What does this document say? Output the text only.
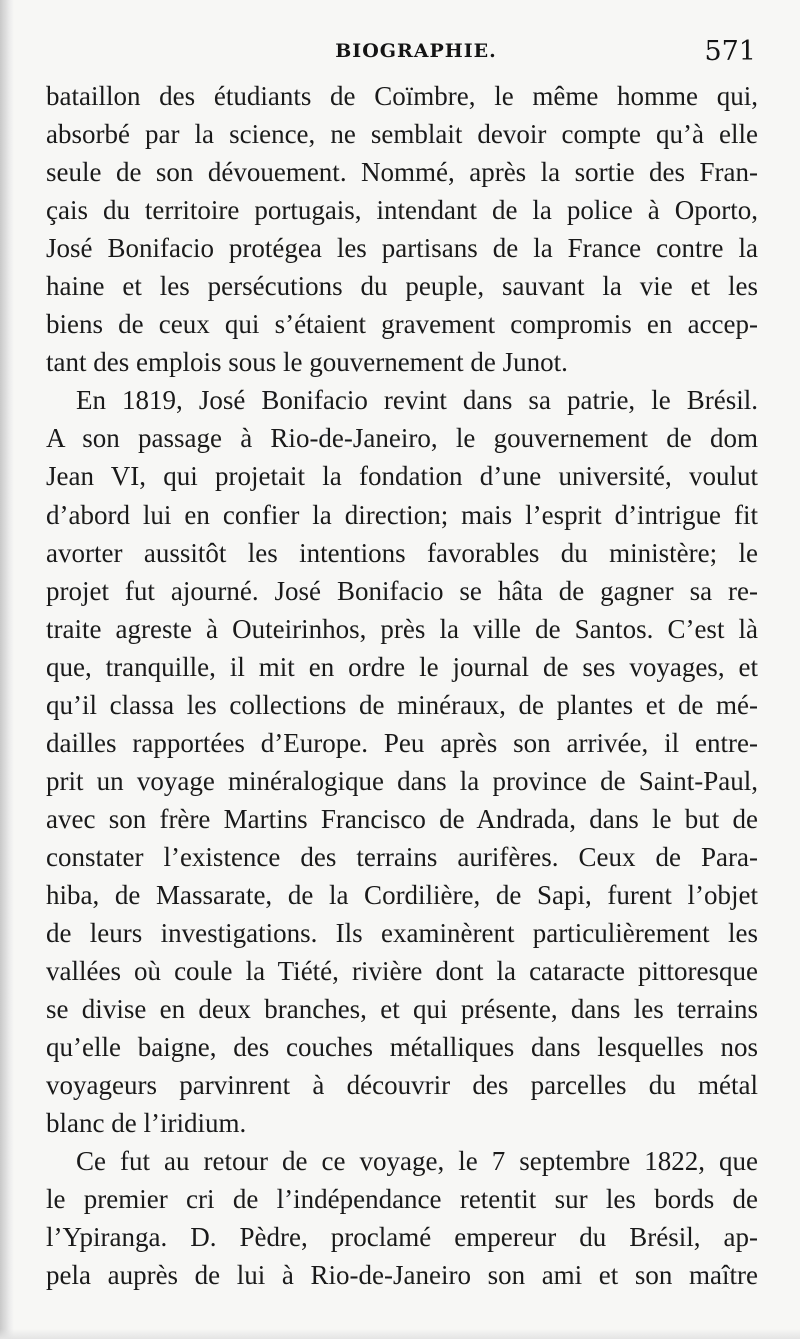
BIOGRAPHIE.	571
bataillon des étudiants de Coïmbre, le même homme qui,
absorbé par la science, ne semblait devoir compte qu’à elle
seule de son dévouement. Nommé, après la sortie des Fran-
çais du territoire portugais, intendant de la police à Oporto,
José Bonifacio protégea les partisans de la France contre la
haine et les persécutions du peuple, sauvant la vie et les
biens de ceux qui s’étaient gravement compromis en accep-
tant des emplois sous le gouvernement de Junot.
En 1819, José Bonifacio revint dans sa patrie, le Brésil.
A son passage à Rio-de-Janeiro, le gouvernement de dom
Jean VI, qui projetait la fondation d’une université, voulut
d’abord lui en confier la direction; mais l’esprit d’intrigue fit
avorter aussitôt les intentions favorables du ministère; le
projet fut ajourné. José Bonifacio se hâta de gagner sa re-
traite agreste à Outeirinhos, près la ville de Santos. C’est là
que, tranquille, il mit en ordre le journal de ses voyages, et
qu’il classa les collections de minéraux, de plantes et de mé-
dailles rapportées d’Europe. Peu après son arrivée, il entre-
prit un voyage minéralogique dans la province de Saint-Paul,
avec son frère Martins Francisco de Andrada, dans le but de
constater l’existence des terrains aurifères. Ceux de Para-
hiba, de Massarate, de la Cordilière, de Sapi, furent l’objet
de leurs investigations. Ils examinèrent particulièrement les
vallées où coule la Tiété, rivière dont la cataracte pittoresque
se divise en deux branches, et qui présente, dans les terrains
qu’elle baigne, des couches métalliques dans lesquelles nos
voyageurs parvinrent à découvrir des parcelles du métal
blanc de l’iridium.
Ce fut au retour de ce voyage, le 7 septembre 1822, que
le premier cri de l’indépendance retentit sur les bords de
l’Ypiranga. D. Pèdre, proclamé empereur du Brésil, ap-
pela auprès de lui à Rio-de-Janeiro son ami et son maître
